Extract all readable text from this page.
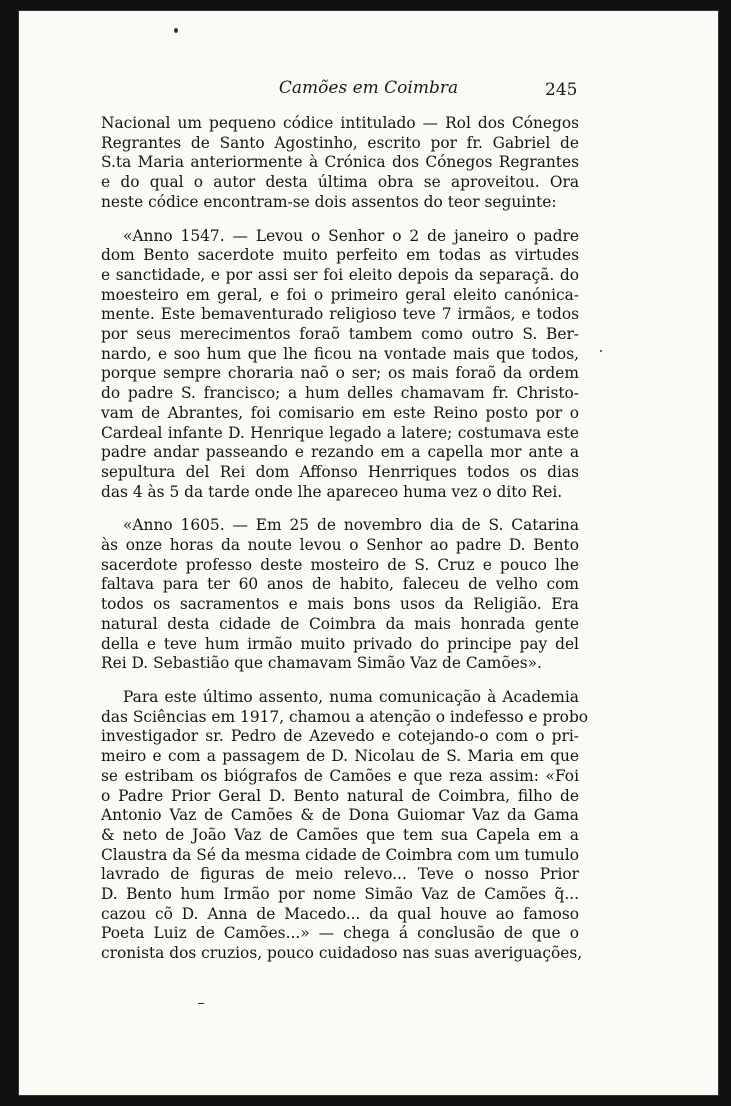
Camões em Coimbra	245
Nacional um pequeno códice intitulado — Rol dos Cónegos
Regrantes de Santo Agostinho, escrito por fr. Gabriel de
S.ta Maria anteriormente à Crónica dos Cónegos Regrantes
e do qual o autor desta última obra se aproveitou. Ora
neste códice encontram-se dois assentos do teor seguinte:
«Anno 1547. — Levou o Senhor o 2 de janeiro o padre
dom Bento sacerdote muito perfeito em todas as virtudes
e sanctidade, e por assi ser foi eleito depois da separaçã. do
moesteiro em geral, e foi o primeiro geral eleito canónica-
mente. Este bemaventurado religioso teve 7 irmãos, e todos
por seus merecimentos foraõ tambem como outro S. Ber-
nardo, e soo hum que lhe ficou na vontade mais que todos,
porque sempre choraria naõ o ser; os mais foraõ da ordem
do padre S. francisco; a hum delles chamavam fr. Christo-
vam de Abrantes, foi comisario em este Reino posto por o
Cardeal infante D. Henrique legado a latere; costumava este
padre andar passeando e rezando em a capella mor ante a
sepultura del Rei dom Affonso Henrriques todos os dias
das 4 às 5 da tarde onde lhe apareceo huma vez o dito Rei.
«Anno 1605. — Em 25 de novembro dia de S. Catarina
às onze horas da noute levou o Senhor ao padre D. Bento
sacerdote professo deste mosteiro de S. Cruz e pouco lhe
faltava para ter 60 anos de habito, faleceu de velho com
todos os sacramentos e mais bons usos da Religião. Era
natural desta cidade de Coimbra da mais honrada gente
della e teve hum irmão muito privado do principe pay del
Rei D. Sebastião que chamavam Simão Vaz de Camões».
Para este último assento, numa comunicação à Academia
das Sciências em 1917, chamou a atenção o indefesso e probo
investigador sr. Pedro de Azevedo e cotejando-o com o pri-
meiro e com a passagem de D. Nicolau de S. Maria em que
se estribam os biógrafos de Camões e que reza assim: «Foi
o Padre Prior Geral D. Bento natural de Coimbra, filho de
Antonio Vaz de Camões & de Dona Guiomar Vaz da Gama
& neto de João Vaz de Camões que tem sua Capela em a
Claustra da Sé da mesma cidade de Coimbra com um tumulo
lavrado de figuras de meio relevo... Teve o nosso Prior
D. Bento hum Irmão por nome Simão Vaz de Camões q̃...
cazou cõ D. Anna de Macedo... da qual houve ao famoso
Poeta Luiz de Camões...» — chega á conclusão de que o
cronista dos cruzios, pouco cuidadoso nas suas averiguações,
